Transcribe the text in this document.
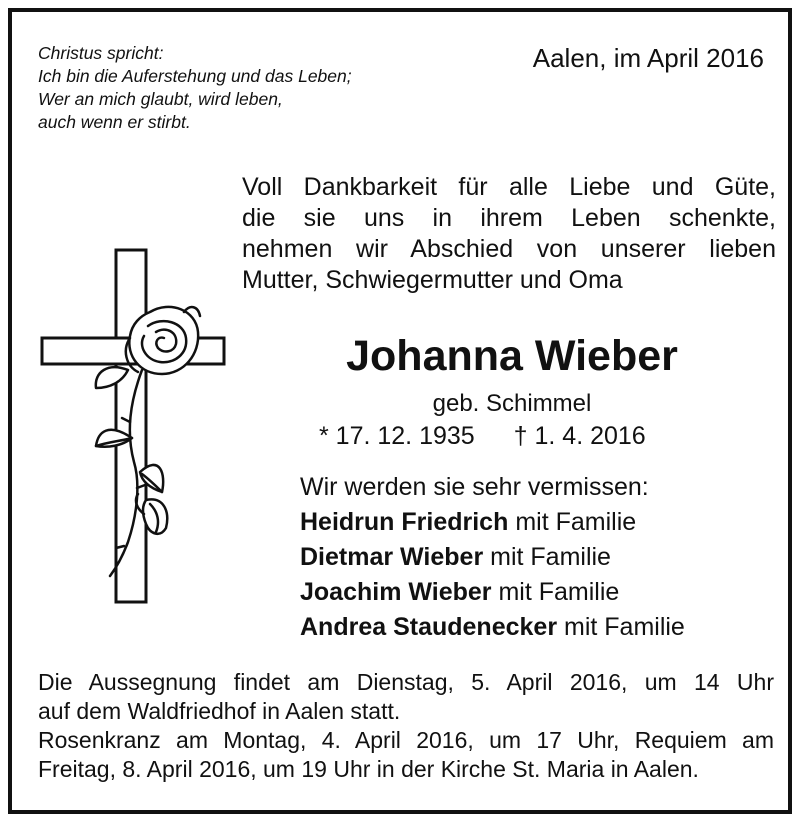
Christus spricht:
Ich bin die Auferstehung und das Leben;
Wer an mich glaubt, wird leben,
auch wenn er stirbt.
Aalen, im April 2016
Voll Dankbarkeit für alle Liebe und Güte,
die sie uns in ihrem Leben schenkte,
nehmen wir Abschied von unserer lieben
Mutter, Schwiegermutter und Oma
Johanna Wieber
geb. Schimmel
* 17. 12. 1935 † 1. 4. 2016
Wir werden sie sehr vermissen:
Heidrun Friedrich mit Familie
Dietmar Wieber mit Familie
Joachim Wieber mit Familie
Andrea Staudenecker mit Familie
Die Aussegnung findet am Dienstag, 5. April 2016, um 14 Uhr
auf dem Waldfriedhof in Aalen statt.
Rosenkranz am Montag, 4. April 2016, um 17 Uhr, Requiem am
Freitag, 8. April 2016, um 19 Uhr in der Kirche St. Maria in Aalen.
